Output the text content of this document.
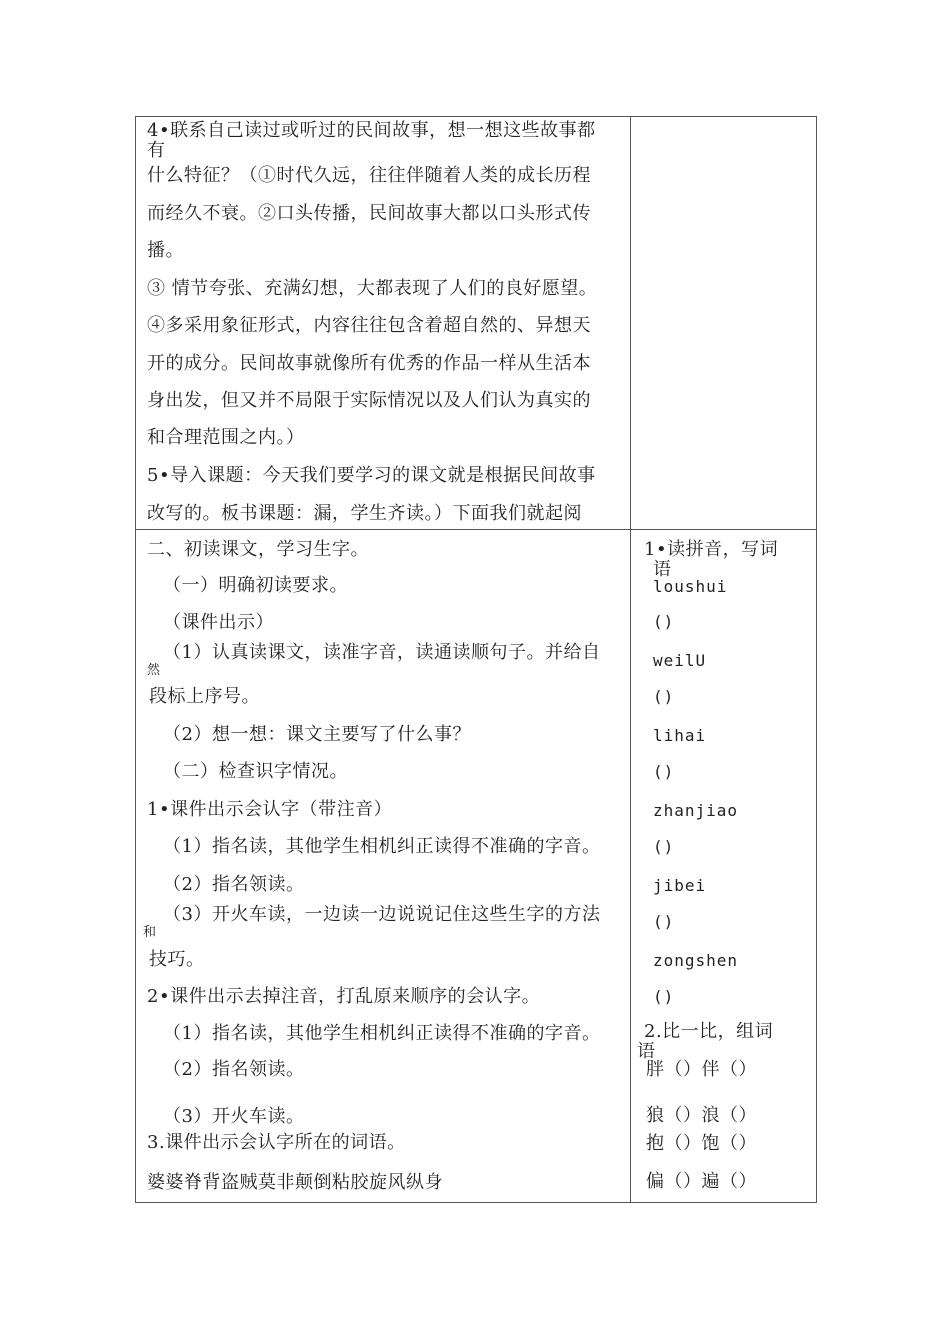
4•联系自己读过或听过的民间故事，想一想这些故事都
有
什么特征？（①时代久远，往往伴随着人类的成长历程
而经久不衰。②口头传播，民间故事大都以口头形式传
播。
③ 情节夸张、充满幻想，大都表现了人们的良好愿望。
④多采用象征形式，内容往往包含着超自然的、异想天
开的成分。民间故事就像所有优秀的作品一样从生活本
身出发，但又并不局限于实际情况以及人们认为真实的
和合理范围之内。）
5•导入课题：今天我们要学习的课文就是根据民间故事
改写的。板书课题：漏，学生齐读。）下面我们就起阅
二、初读课文，学习生字。
（一）明确初读要求。
（课件出示）
（1）认真读课文，读准字音，读通读顺句子。并给自
然
段标上序号。
（2）想一想：课文主要写了什么事？
（二）检查识字情况。
1•课件出示会认字（带注音）
（1）指名读，其他学生相机纠正读得不准确的字音。
（2）指名领读。
（3）开火车读，一边读一边说说记住这些生字的方法
和
技巧。
2•课件出示去掉注音，打乱原来顺序的会认字。
（1）指名读，其他学生相机纠正读得不准确的字音。
（2）指名领读。
（3）开火车读。
3.课件出示会认字所在的词语。
婆婆脊背盗贼莫非颠倒粘胶旋风纵身
1•读拼音，写词
语
loushui
()
weilU
()
lihai
()
zhanjiao
()
jibei
()
zongshen
()
2.比一比，组词
语
胖（）伴（）
狼（）浪（）
抱（）饱（）
偏（）遍（）
